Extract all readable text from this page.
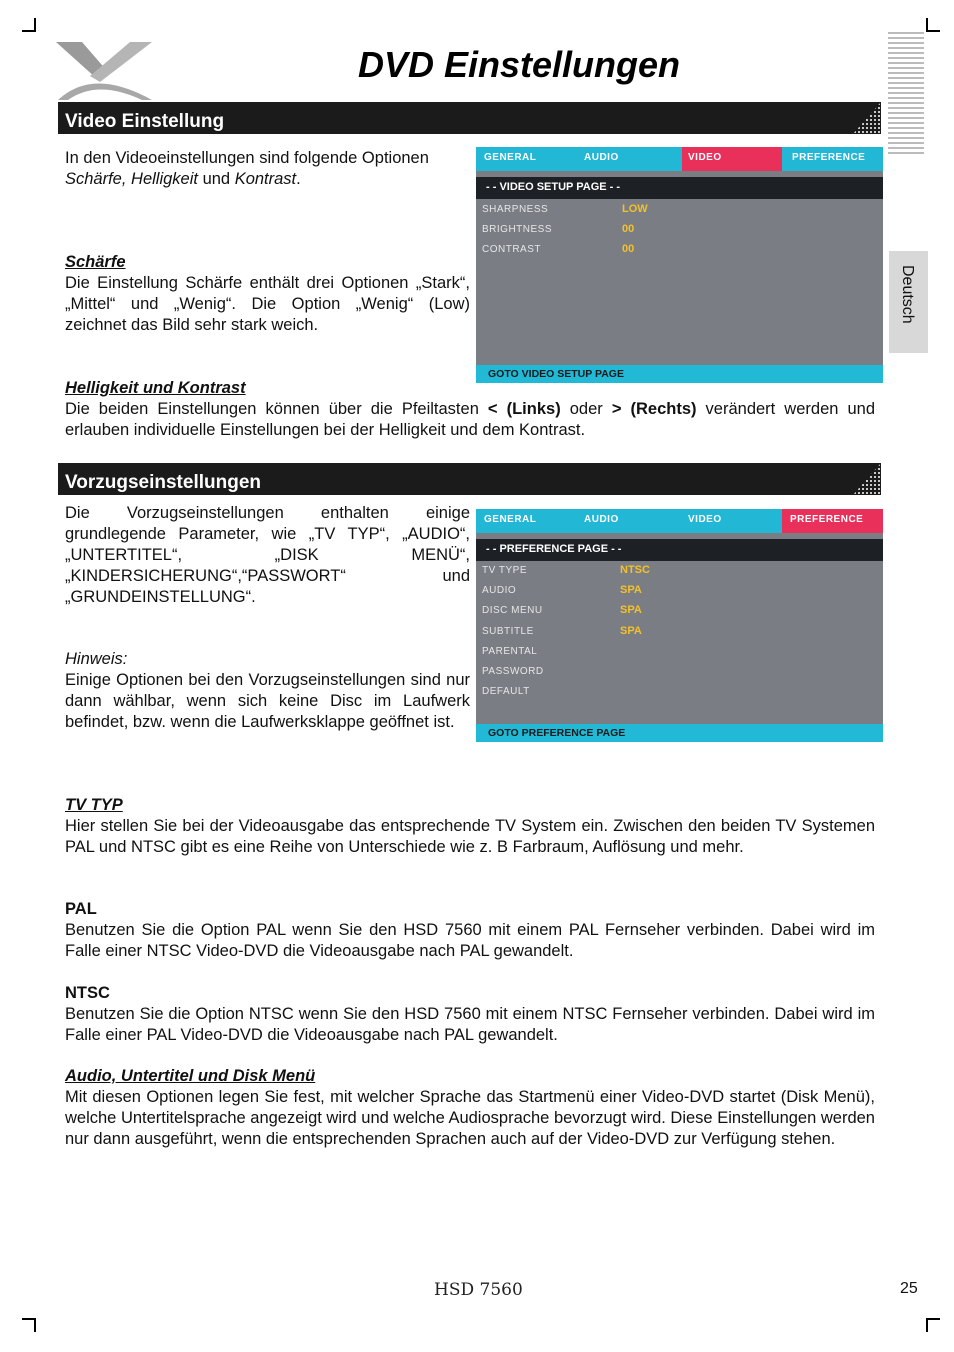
DVD Einstellungen
Deutsch
Video Einstellung
In den Videoeinstellungen sind folgende Optionen
Schärfe, Helligkeit und Kontrast.
Schärfe
Die Einstellung Schärfe enthält drei Optionen „Stark“, „Mittel“ und „Wenig“. Die Option „Wenig“ (Low) zeichnet das Bild sehr stark weich.
GENERAL	AUDIO	VIDEO	PREFERENCE
- - VIDEO SETUP PAGE - -
SHARPNESS	LOW
BRIGHTNESS	00
CONTRAST	00
GOTO VIDEO SETUP PAGE
Helligkeit und Kontrast
Die beiden Einstellungen können über die Pfeiltasten < (Links) oder > (Rechts) verändert werden und erlauben individuelle Einstellungen bei der Helligkeit und dem Kontrast.
Vorzugseinstellungen
Die Vorzugseinstellungen enthalten einige grundlegende Parameter, wie „TV TYP“, „AUDIO“, „UNTERTITEL“, „DISK MENÜ“, „KINDERSICHERUNG“,“PASSWORT“ und „GRUNDEINSTELLUNG“.
Hinweis:
Einige Optionen bei den Vorzugseinstellungen sind nur dann wählbar, wenn sich keine Disc im Laufwerk befindet, bzw. wenn die Laufwerksklappe geöffnet ist.
GENERAL	AUDIO	VIDEO	PREFERENCE
- - PREFERENCE PAGE - -
TV TYPE	NTSC
AUDIO	SPA
DISC MENU	SPA
SUBTITLE	SPA
PARENTAL
PASSWORD
DEFAULT
GOTO PREFERENCE PAGE
TV TYP
Hier stellen Sie bei der Videoausgabe das entsprechende TV System ein. Zwischen den beiden TV Systemen PAL und NTSC gibt es eine Reihe von Unterschiede wie z. B Farbraum, Auflösung und mehr.
PAL
Benutzen Sie die Option PAL wenn Sie den HSD 7560 mit einem PAL Fernseher verbinden. Dabei wird im Falle einer NTSC Video-DVD die Videoausgabe nach PAL gewandelt.
NTSC
Benutzen Sie die Option NTSC wenn Sie den HSD 7560 mit einem NTSC Fernseher verbinden. Dabei wird im Falle einer PAL Video-DVD die Videoausgabe nach PAL gewandelt.
Audio, Untertitel und Disk Menü
Mit diesen Optionen legen Sie fest, mit welcher Sprache das Startmenü einer Video-DVD startet (Disk Menü), welche Untertitelsprache angezeigt wird und welche Audiosprache bevorzugt wird. Diese Einstellungen werden nur dann ausgeführt, wenn die entsprechenden Sprachen auch auf der Video-DVD zur Verfügung stehen.
HSD 7560	25
